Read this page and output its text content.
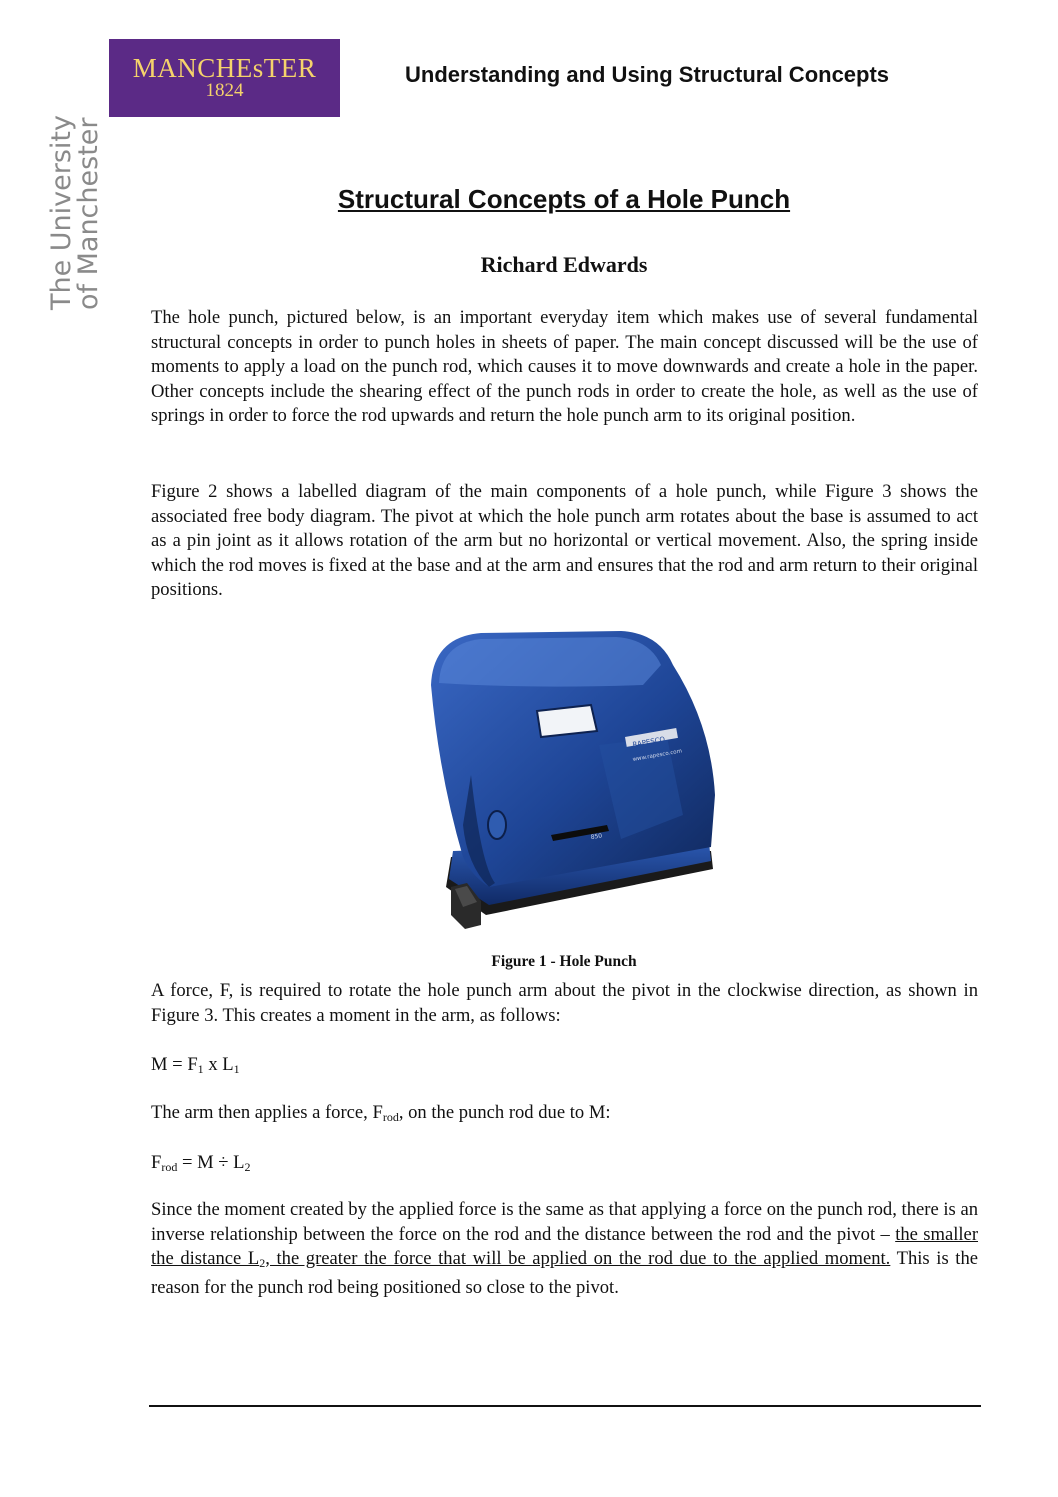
MANCHEsTER
1824
The University
of Manchester
Understanding and Using Structural Concepts
Structural Concepts of a Hole Punch
Richard Edwards

The hole punch, pictured below, is an important everyday item which makes use of several fundamental structural concepts in order to punch holes in sheets of paper. The main concept discussed will be the use of moments to apply a load on the punch rod, which causes it to move downwards and create a hole in the paper. Other concepts include the shearing effect of the punch rods in order to create the hole, as well as the use of springs in order to force the rod upwards and return the hole punch arm to its original position.

Figure 2 shows a labelled diagram of the main components of a hole punch, while Figure 3 shows the associated free body diagram. The pivot at which the hole punch arm rotates about the base is assumed to act as a pin joint as it allows rotation of the arm but no horizontal or vertical movement. Also, the spring inside which the rod moves is fixed at the base and at the arm and ensures that the rod and arm return to their original positions.

RAPESCO
www.rapesco.com
850
Figure 1 - Hole Punch

A force, F, is required to rotate the hole punch arm about the pivot in the clockwise direction, as shown in Figure 3. This creates a moment in the arm, as follows:

$M = F_1$ x $L_1$
The arm then applies a force, $F_{rod}$, on the punch rod due to M:
$F_{rod} = M \div L_2$

Since the moment created by the applied force is the same as that applying a force on the punch rod, there is an inverse relationship between the force on the rod and the distance between the rod and the pivot – the smaller the distance $L_2$, the greater the force that will be applied on the rod due to the applied moment. This is the reason for the punch rod being positioned so close to the pivot.
